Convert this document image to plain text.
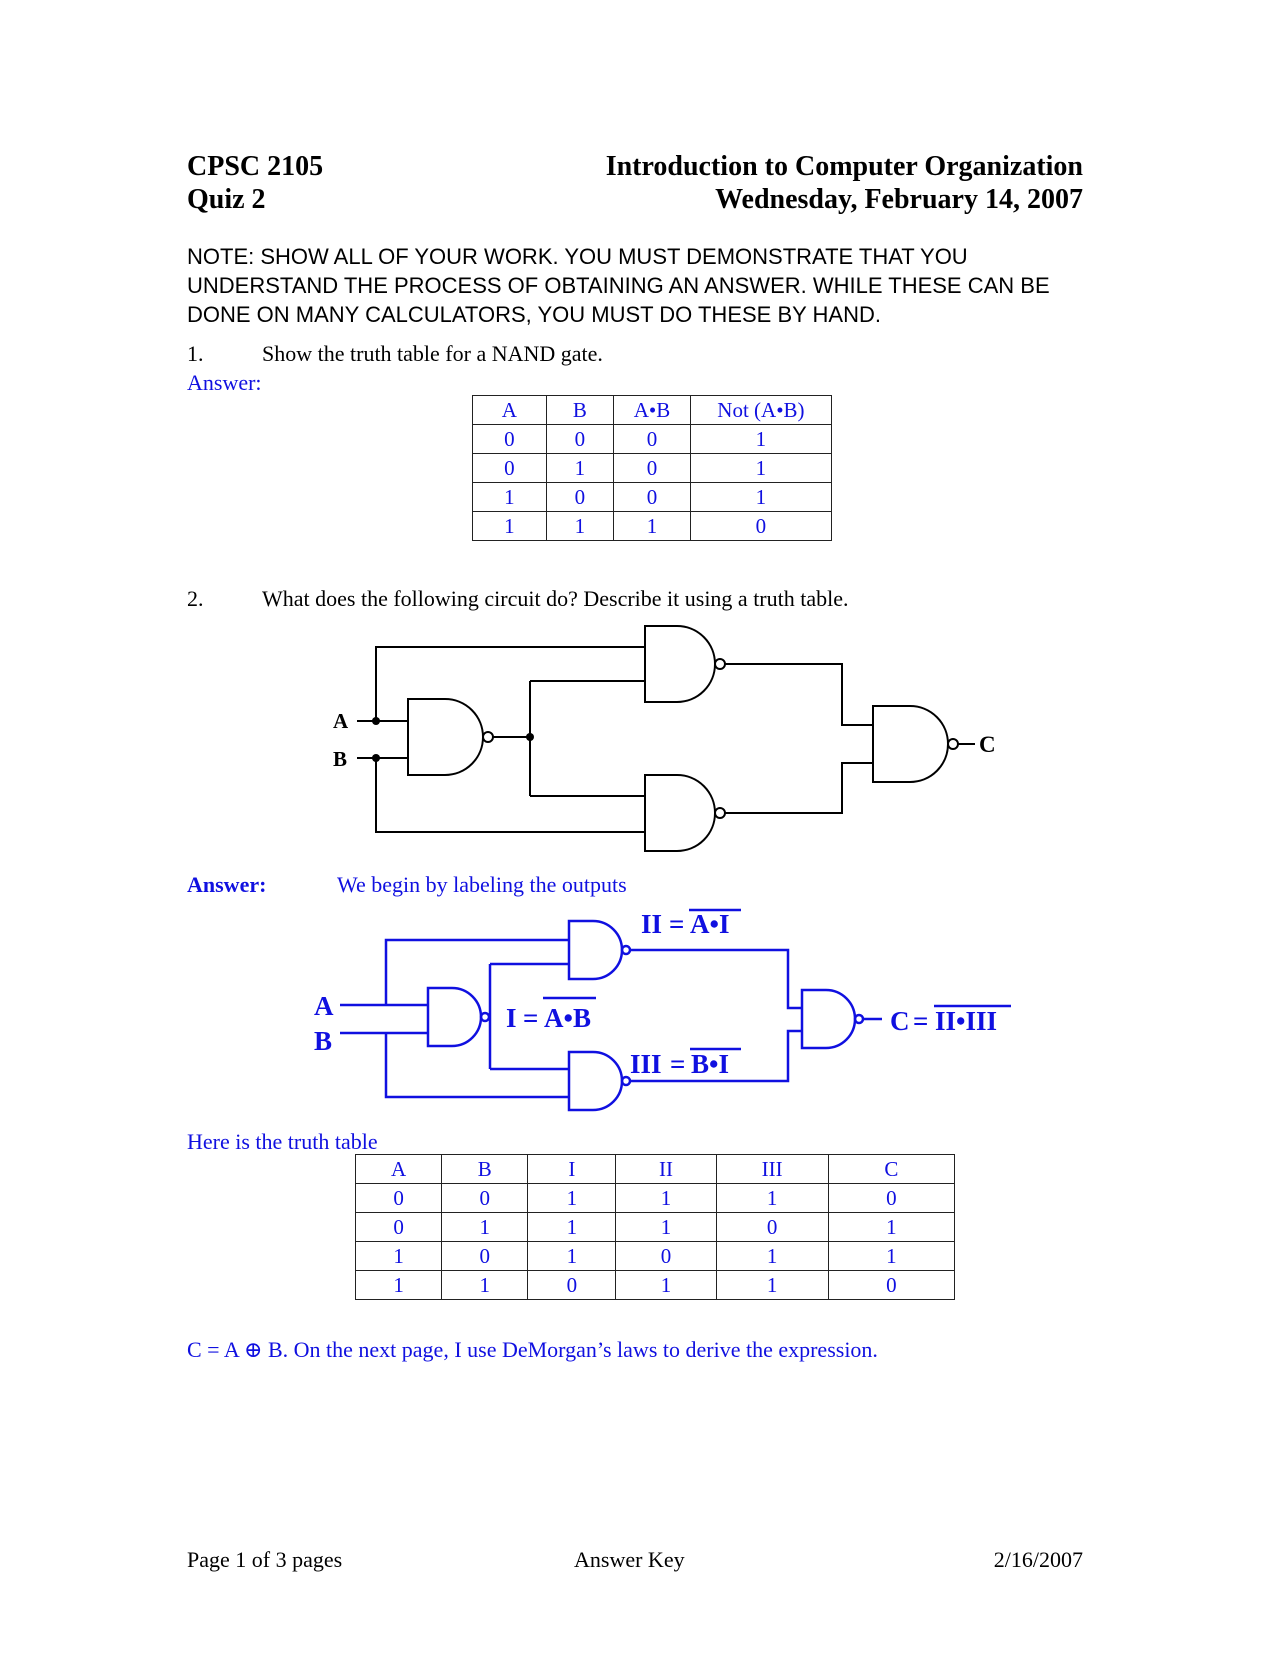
CPSC 2105
Quiz 2
Introduction to Computer Organization
Wednesday, February 14, 2007
NOTE: SHOW ALL OF YOUR WORK. YOU MUST DEMONSTRATE THAT YOU UNDERSTAND THE PROCESS OF OBTAINING AN ANSWER. WHILE THESE CAN BE DONE ON MANY CALCULATORS, YOU MUST DO THESE BY HAND.
1.	Show the truth table for a NAND gate.
Answer:
A	B	A•B	Not (A•B)
0	0	0	1
0	1	0	1
1	0	0	1
1	1	1	0
2.	What does the following circuit do? Describe it using a truth table.
A
B
C
Answer:	We begin by labeling the outputs
A
B
I = A•B
II = A•I
III = B•I
C = II•III
Here is the truth table
A	B	I	II	III	C
0	0	1	1	1	0
0	1	1	1	0	1
1	0	1	0	1	1
1	1	0	1	1	0
C = A ⊕ B. On the next page, I use DeMorgan’s laws to derive the expression.
Page 1 of 3 pages	Answer Key	2/16/2007
